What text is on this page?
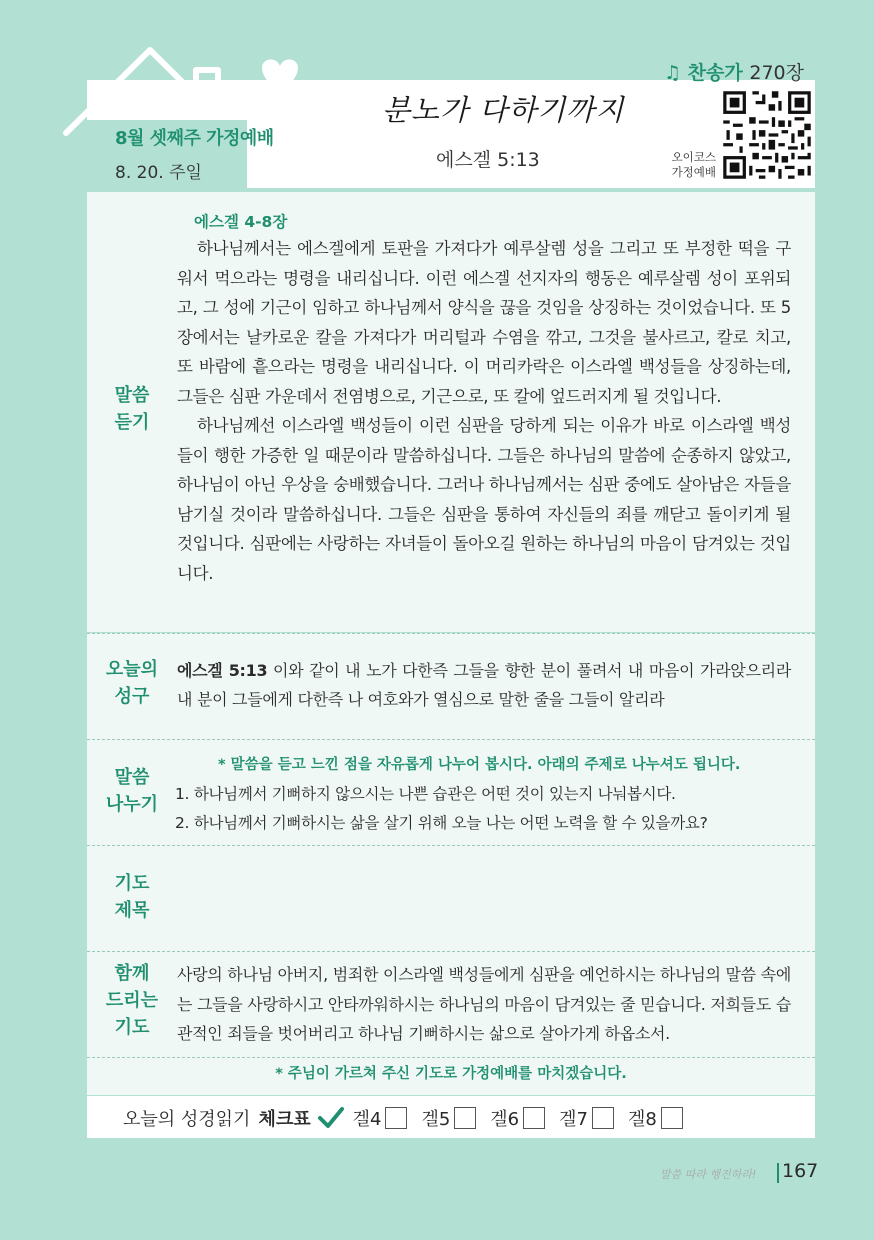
8월 셋째주 가정예배
8. 20. 주일
♫ 찬송가 270장
오이코스
가정예배
분노가 다하기까지
에스겔 5:13
말씀
듣기
에스겔 4-8장

하나님께서는 에스겔에게 토판을 가져다가 예루살렘 성을 그리고 또 부정한 떡을 구워서 먹으라는 명령을 내리십니다. 이런 에스겔 선지자의 행동은 예루살렘 성이 포위되고, 그 성에 기근이 임하고 하나님께서 양식을 끊을 것임을 상징하는 것이었습니다. 또 5장에서는 날카로운 칼을 가져다가 머리털과 수염을 깎고, 그것을 불사르고, 칼로 치고, 또 바람에 흩으라는 명령을 내리십니다. 이 머리카락은 이스라엘 백성들을 상징하는데, 그들은 심판 가운데서 전염병으로, 기근으로, 또 칼에 엎드러지게 될 것입니다.

하나님께선 이스라엘 백성들이 이런 심판을 당하게 되는 이유가 바로 이스라엘 백성들이 행한 가증한 일 때문이라 말씀하십니다. 그들은 하나님의 말씀에 순종하지 않았고, 하나님이 아닌 우상을 숭배했습니다. 그러나 하나님께서는 심판 중에도 살아남은 자들을 남기실 것이라 말씀하십니다. 그들은 심판을 통하여 자신들의 죄를 깨닫고 돌이키게 될 것입니다. 심판에는 사랑하는 자녀들이 돌아오길 원하는 하나님의 마음이 담겨있는 것입니다.

오늘의
성구
에스겔 5:13 이와 같이 내 노가 다한즉 그들을 향한 분이 풀려서 내 마음이 가라앉으리라 내 분이 그들에게 다한즉 나 여호와가 열심으로 말한 줄을 그들이 알리라
말씀
나누기
* 말씀을 듣고 느낀 점을 자유롭게 나누어 봅시다. 아래의 주제로 나누셔도 됩니다.
1. 하나님께서 기뻐하지 않으시는 나쁜 습관은 어떤 것이 있는지 나눠봅시다.
2. 하나님께서 기뻐하시는 삶을 살기 위해 오늘 나는 어떤 노력을 할 수 있을까요?
기도
제목
함께
드리는
기도
사랑의 하나님 아버지, 범죄한 이스라엘 백성들에게 심판을 예언하시는 하나님의 말씀 속에는 그들을 사랑하시고 안타까워하시는 하나님의 마음이 담겨있는 줄 믿습니다. 저희들도 습관적인 죄들을 벗어버리고 하나님 기뻐하시는 삶으로 살아가게 하옵소서.
* 주님이 가르쳐 주신 기도로 가정예배를 마치겠습니다.
오늘의 성경읽기 체크표 겔4 겔5 겔6 겔7 겔8
말씀 따라 행진하라! 167
